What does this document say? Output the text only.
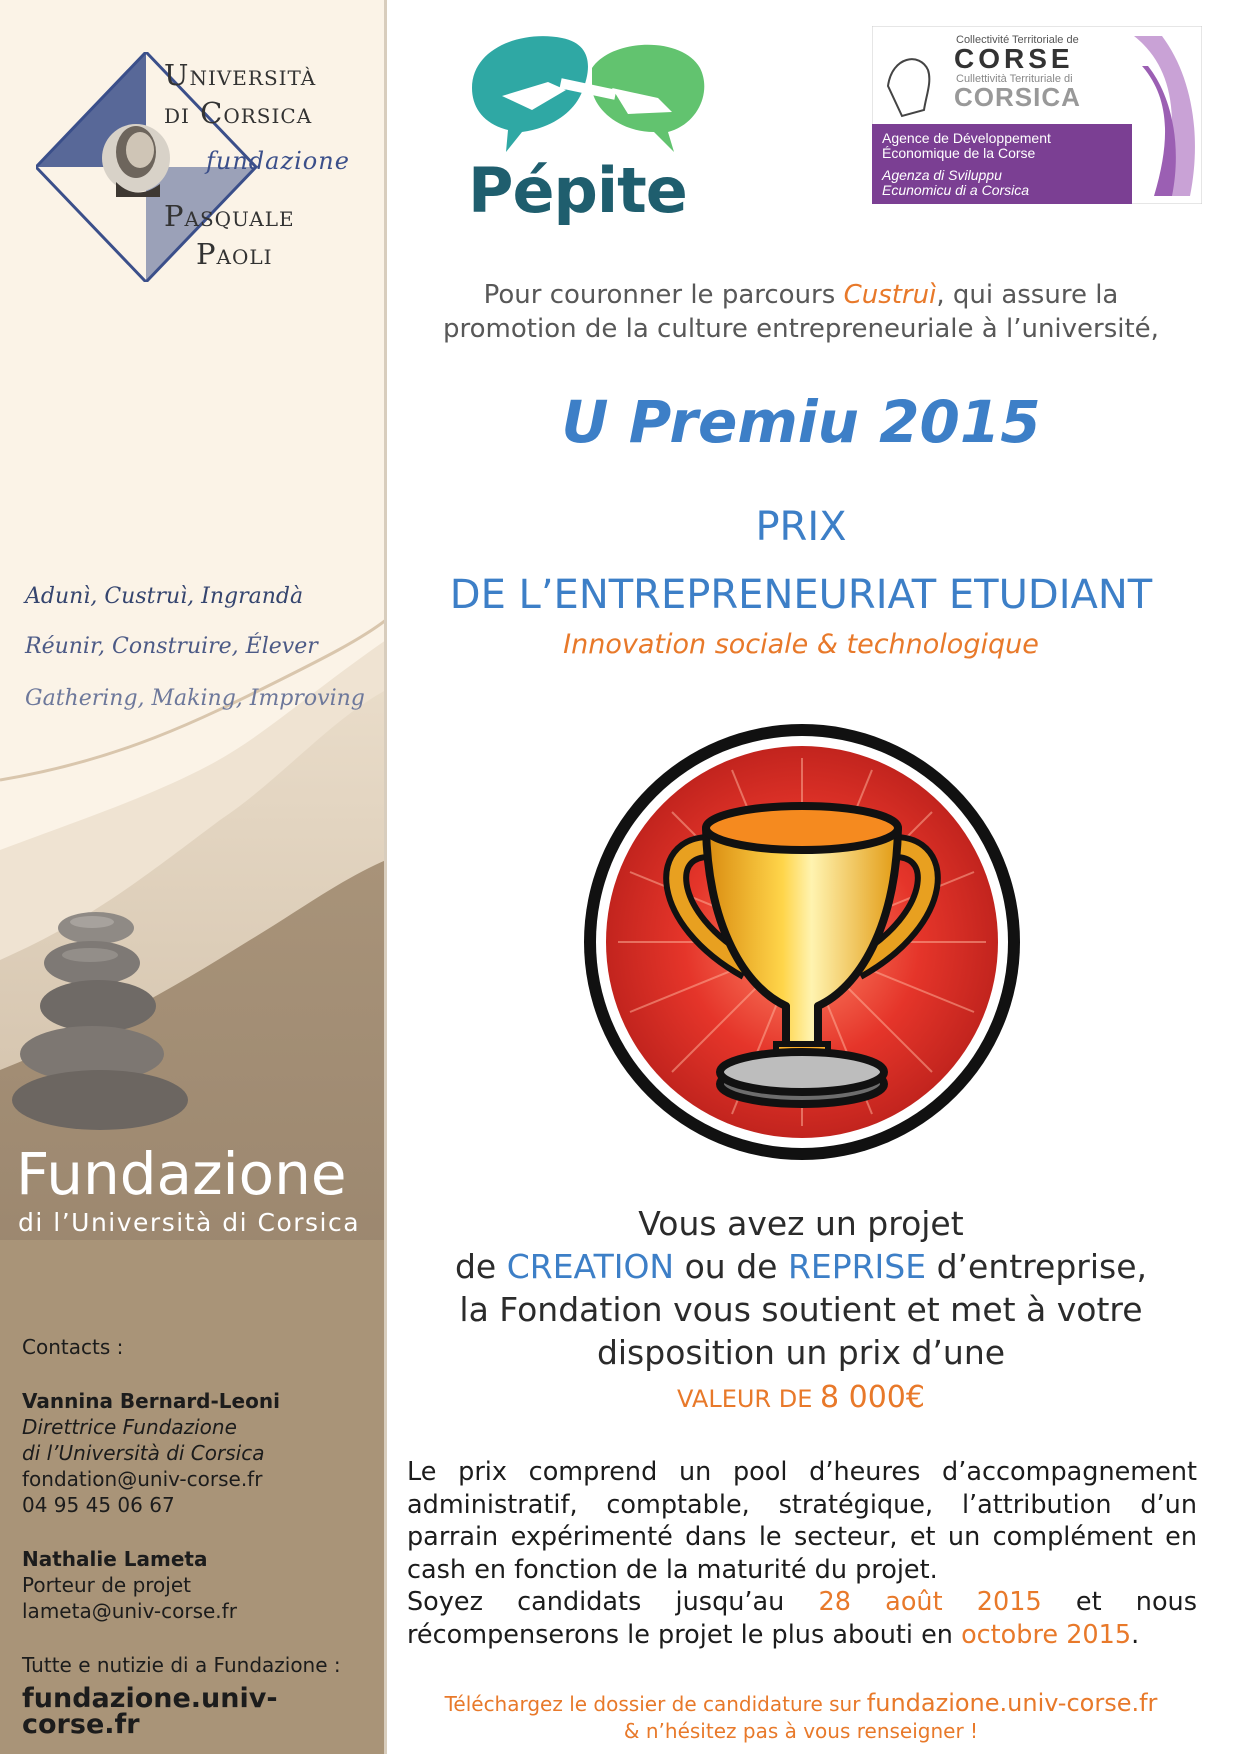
Università
di Corsica
fundazione
Pasquale
Paoli
Adunì, Custruì, Ingrandà
Réunir, Construire, Élever
Gathering, Making, Improving
Fundazione
di l’Università di Corsica
Contacts :
Vannina Bernard-Leoni
Direttrice Fundazione
di l’Università di Corsica
fondation@univ-corse.fr
04 95 45 06 67
Nathalie Lameta
Porteur de projet
lameta@univ-corse.fr
Tutte e nutizie di a Fundazione :
fundazione.univ-corse.fr
Pépite
Collectivité Territoriale de
CORSE
Cullettività Territuriale di
CORSICA
Agence de Développement
Économique de la Corse
Agenza di Sviluppu
Ecunomicu di a Corsica
Pour couronner le parcours Custruì, qui assure la
promotion de la culture entrepreneuriale à l’université,
U Premiu 2015
PRIX
DE L’ENTREPRENEURIAT ETUDIANT
Innovation sociale & technologique
Vous avez un projet
de CREATION ou de REPRISE d’entreprise,
la Fondation vous soutient et met à votre
disposition un prix d’une
VALEUR DE 8 000€
Le prix comprend un pool d’heures d’accompagnement administratif, comptable, stratégique, l’attribution d’un parrain expérimenté dans le secteur, et un complément en cash en fonction de la maturité du projet.
Soyez candidats jusqu’au 28 août 2015 et nous récompenserons le projet le plus abouti en octobre 2015.
Téléchargez le dossier de candidature sur fundazione.univ-corse.fr
& n’hésitez pas à vous renseigner !
